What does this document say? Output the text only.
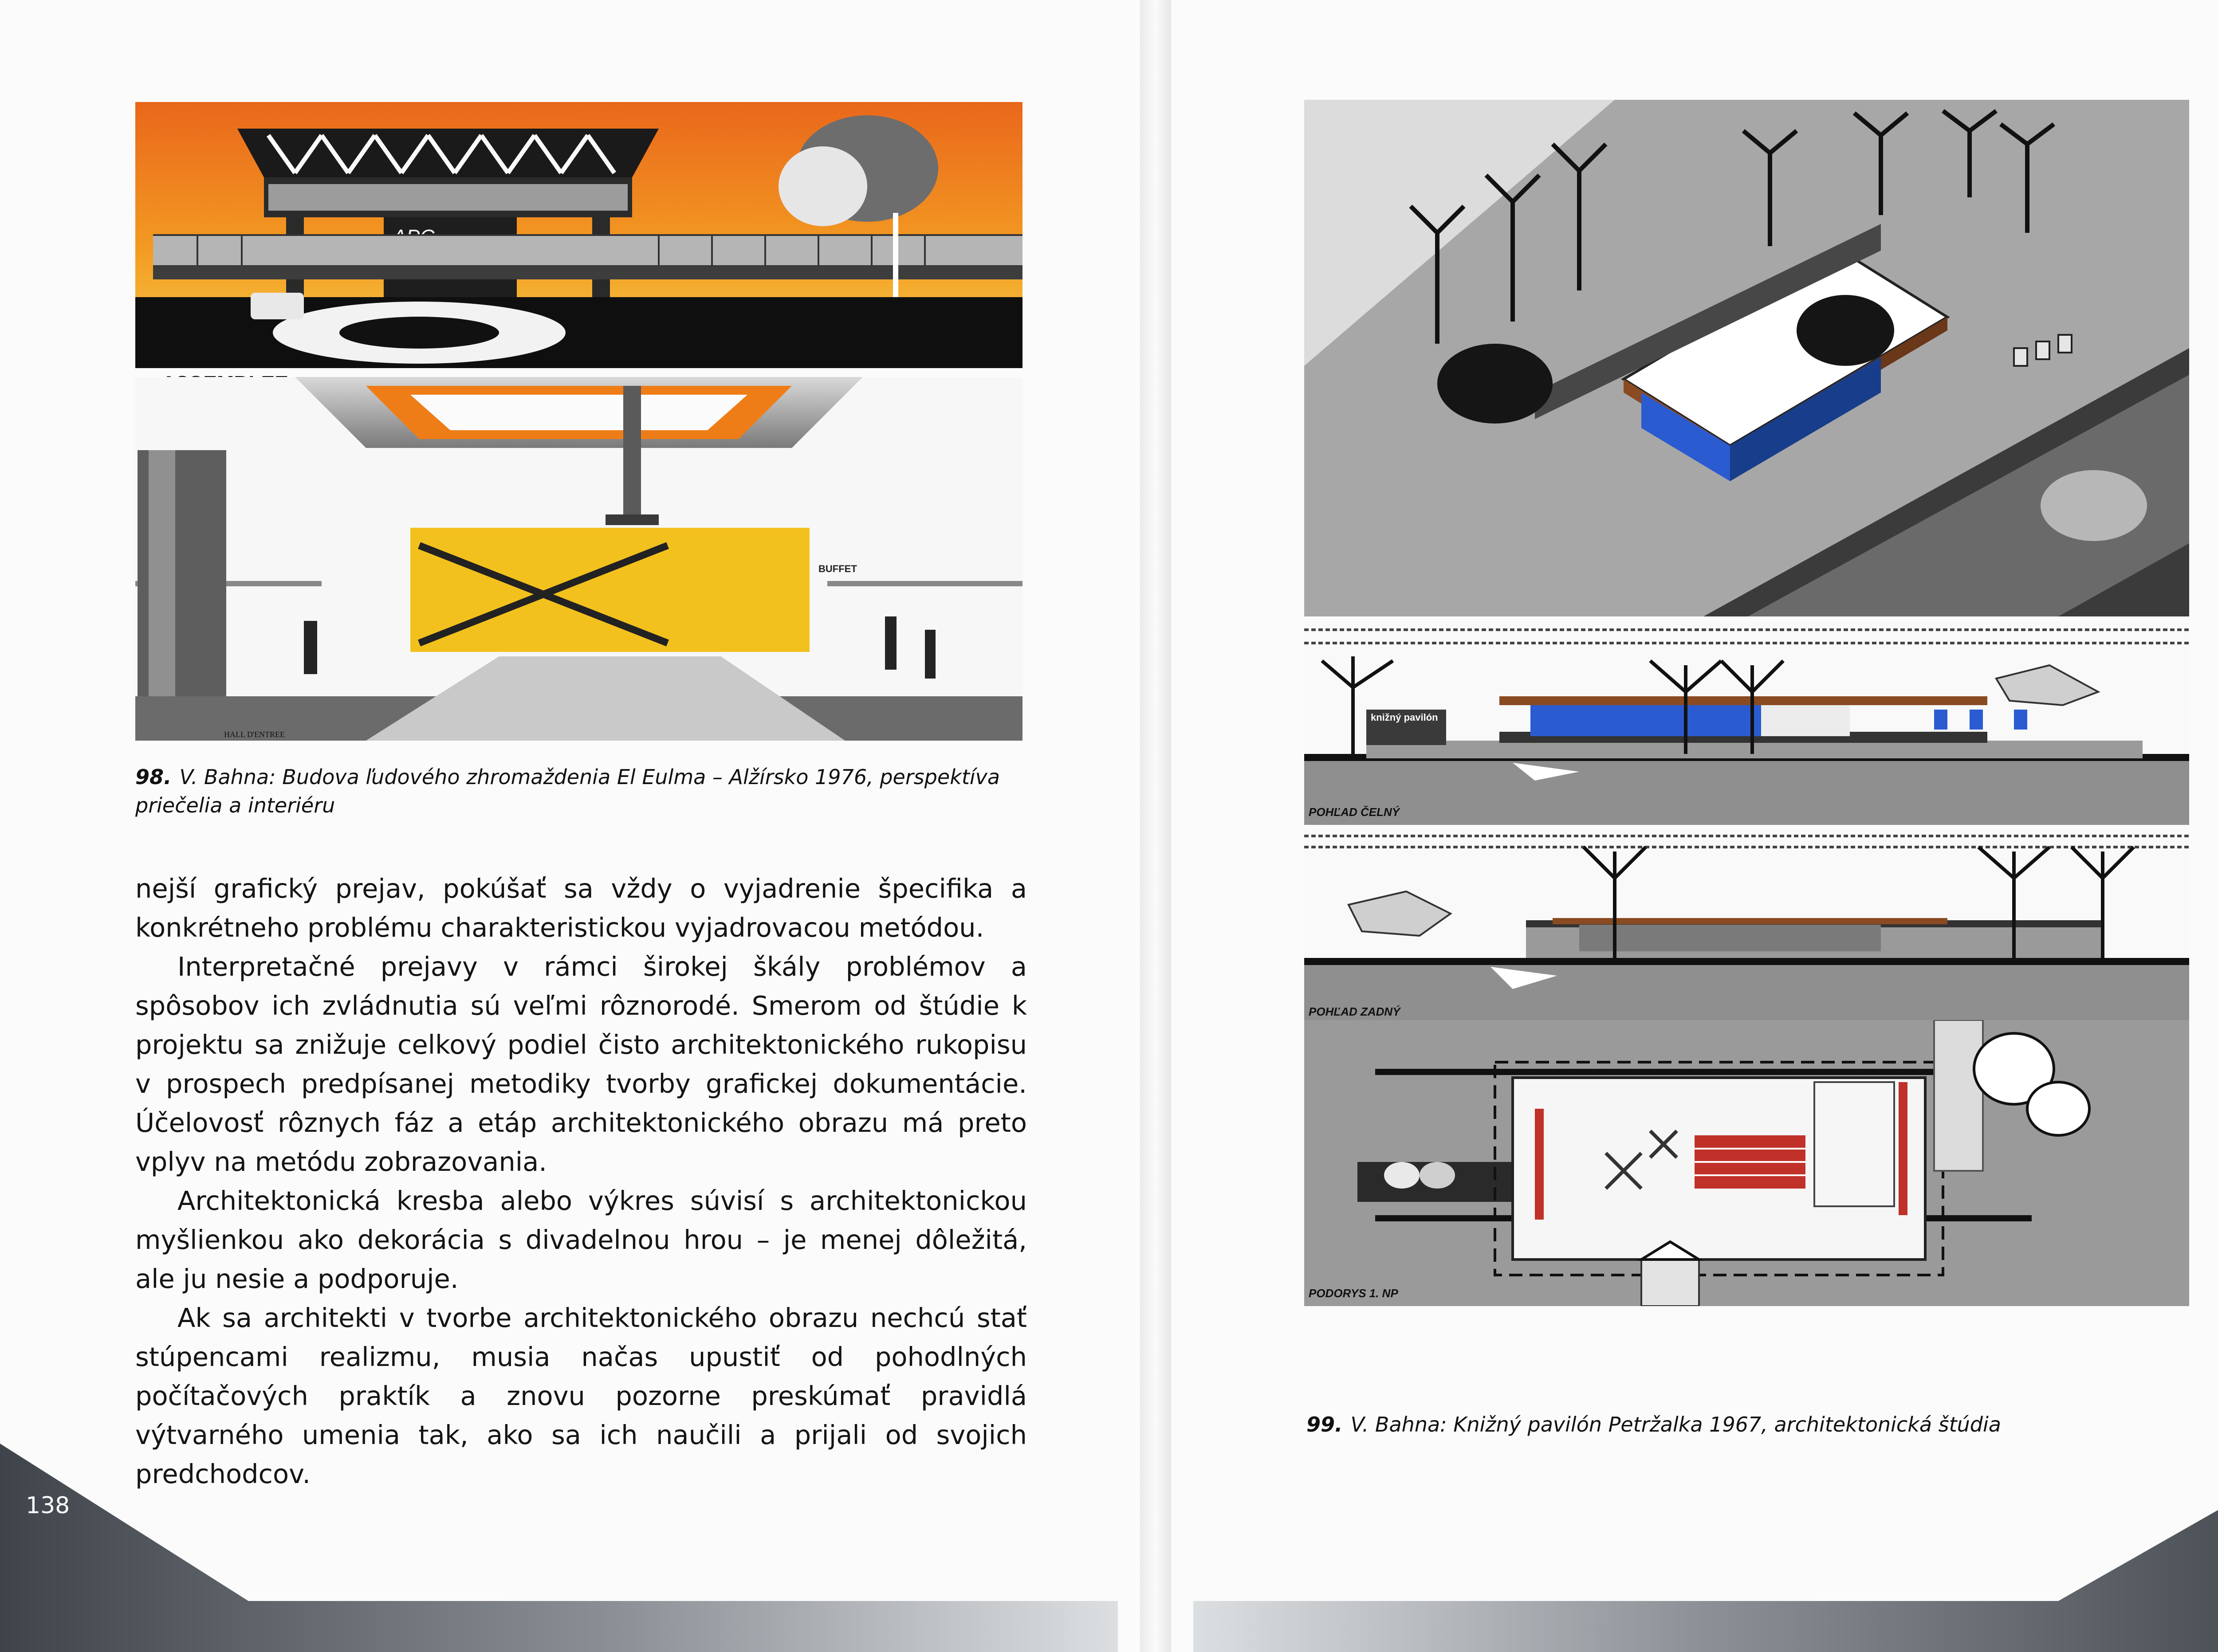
BUFFET
HALL D'ENTREE
98. V. Bahna: Budova ľudového zhromaždenia El Eulma – Alžírsko 1976, perspektíva priečelia a interiéru

nejší grafický prejav, pokúšať sa vždy o vyjadrenie špecifika a konkrétneho problému charakteristickou vyjadrovacou metódou.

Interpretačné prejavy v rámci širokej škály problémov a spôsobov ich zvládnutia sú veľmi rôznorodé. Smerom od štúdie k projektu sa znižuje celkový podiel čisto architektonického rukopisu v prospech predpísanej metodiky tvorby grafickej dokumentácie. Účelovosť rôznych fáz a etáp architektonického obrazu má preto vplyv na metódu zobrazovania.

Architektonická kresba alebo výkres súvisí s architektonickou myšlienkou ako dekorácia s divadelnou hrou – je menej dôležitá, ale ju nesie a podporuje.

Ak sa architekti v tvorbe architektonického obrazu nechcú stať stúpencami realizmu, musia načas upustiť od pohodlných počítačových praktík a znovu pozorne preskúmať pravidlá výtvarného umenia tak, ako sa ich naučili a prijali od svojich predchodcov.

138
knižný pavilón
POHĽAD ČELNÝ
POHĽAD ZADNÝ
PODORYS 1. NP
99. V. Bahna: Knižný pavilón Petržalka 1967, architektonická štúdia
